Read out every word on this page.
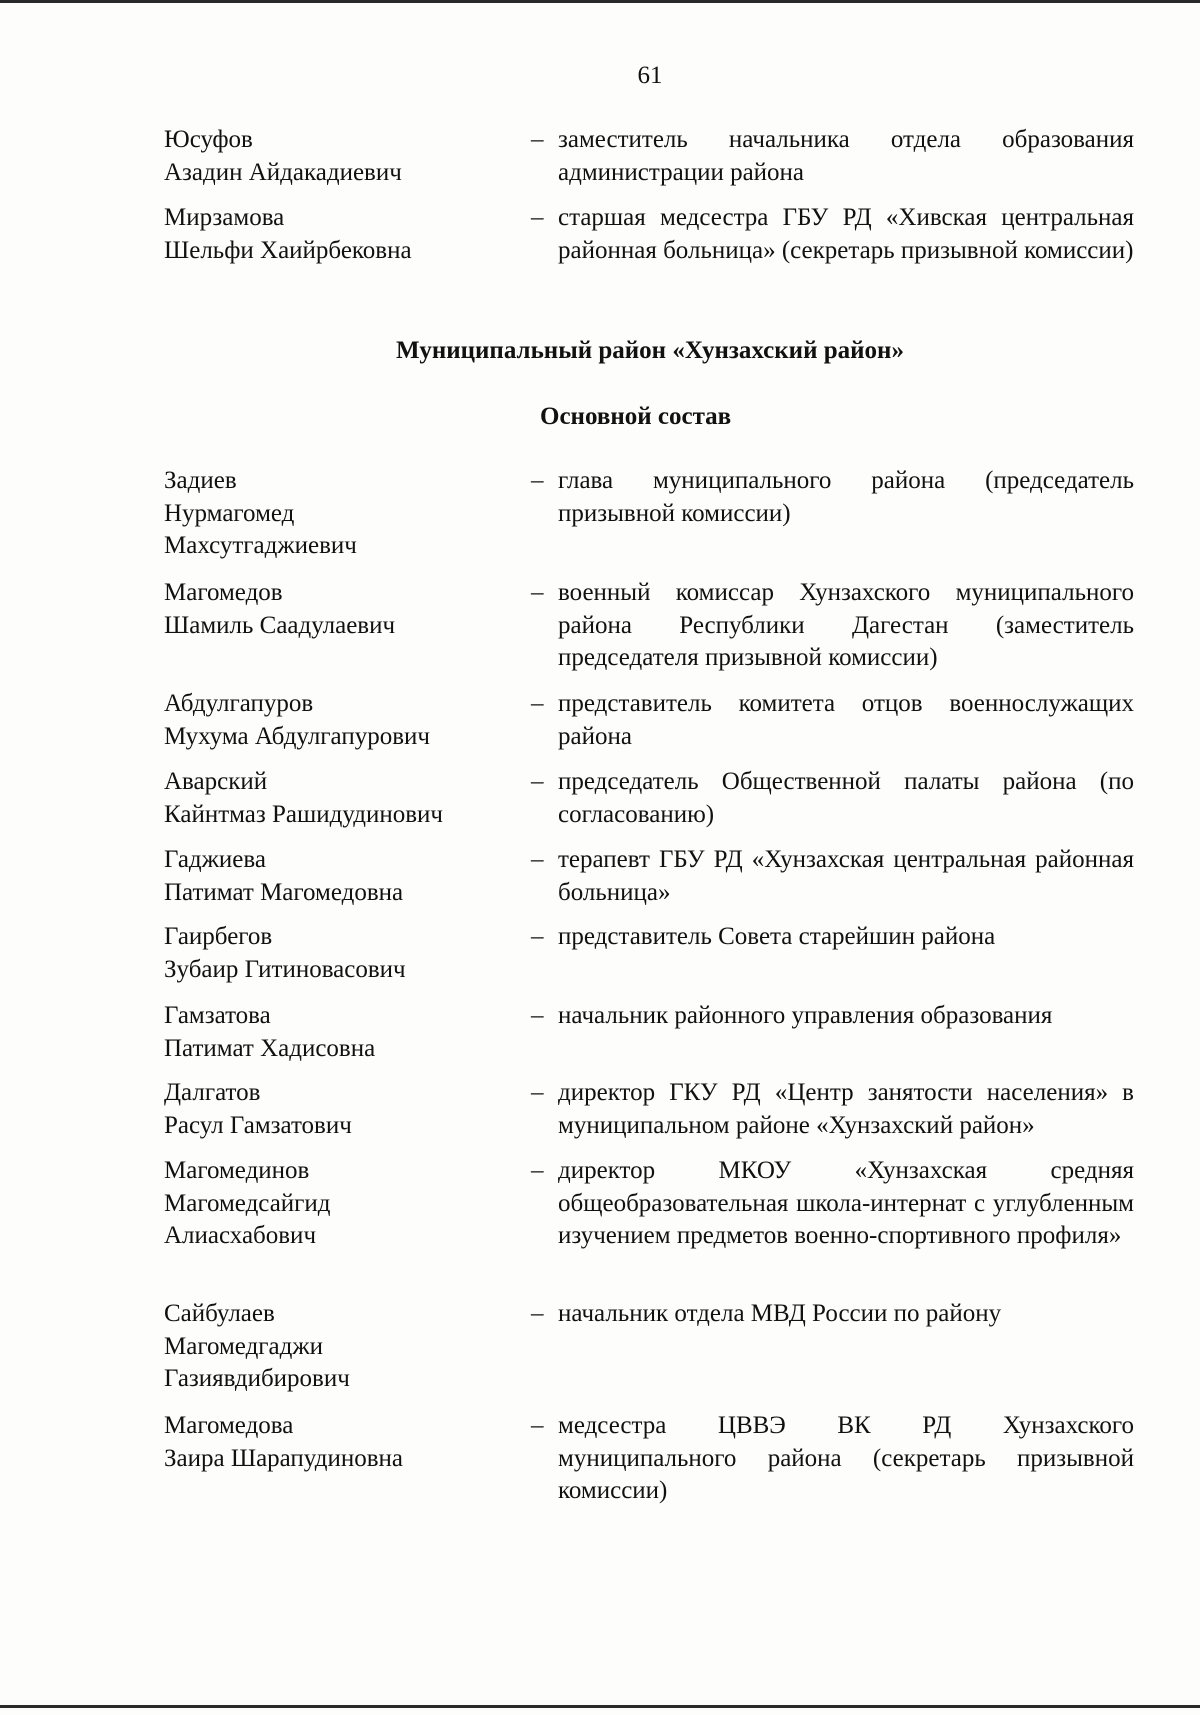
61
Юсуфов
Азадин Айдакадиевич
– заместитель начальника отдела образования администрации района
Мирзамова
Шельфи Хаийрбековна
– старшая медсестра ГБУ РД «Хивская центральная районная больница» (секретарь призывной комиссии)
Муниципальный район «Хунзахский район»
Основной состав
Задиев
Нурмагомед
Махсутгаджиевич
– глава муниципального района (председатель призывной комиссии)
Магомедов
Шамиль Саадулаевич
– военный комиссар Хунзахского муниципального района Республики Дагестан (заместитель председателя призывной комиссии)
Абдулгапуров
Мухума Абдулгапурович
– представитель комитета отцов военнослужащих района
Аварский
Кайнтмаз Рашидудинович
– председатель Общественной палаты района (по согласованию)
Гаджиева
Патимат Магомедовна
– терапевт ГБУ РД «Хунзахская центральная районная больница»
Гаирбегов
Зубаир Гитиновасович
– представитель Совета старейшин района
Гамзатова
Патимат Хадисовна
– начальник районного управления образования
Далгатов
Расул Гамзатович
– директор ГКУ РД «Центр занятости населения» в муниципальном районе «Хунзахский район»
Магомединов
Магомедсайгид
Алиасхабович
– директор МКОУ «Хунзахская средняя общеобразовательная школа-интернат с углубленным изучением предметов военно-спортивного профиля»
Сайбулаев
Магомедгаджи
Газиявдибирович
– начальник отдела МВД России по району
Магомедова
Заира Шарапудиновна
– медсестра ЦВВЭ ВК РД Хунзахского муниципального района (секретарь призывной комиссии)
